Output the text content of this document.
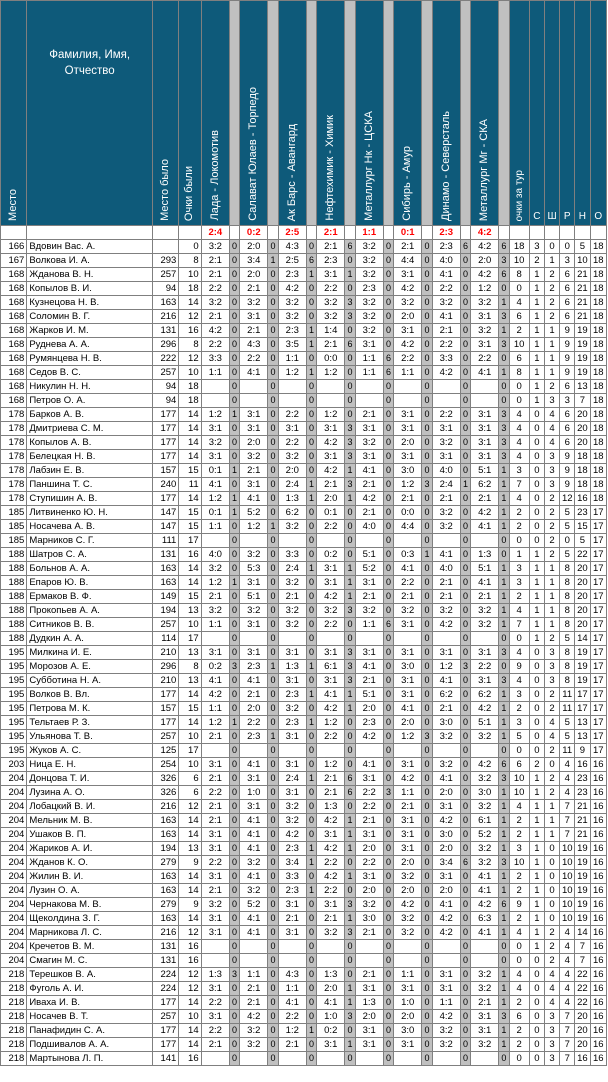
Место	Фамилия, Имя, Отчество	Место было	Очки были	Лада - Локомотив		Салават Юлаев - Торпедо		Ак Барс - Авангард		Нефтехимик - Химик		Металлург Нк - ЦСКА		Сибирь - Амур		Динамо - Северсталь		Металлург Мг - СКА		очки за тур	С	Ш	Р	Н	О
				2:4		0:2		2:5		2:1		1:1		0:1		2:3		4:2							
166	Вдовин Вас. А.		0	3:2	0	2:0	0	4:3	0	2:1	6	3:2	0	2:1	0	2:3	6	4:2	6	18	3	0	0	5	18
167	Волкова И. А.	293	8	2:1	0	3:4	1	2:5	6	2:3	0	3:2	0	4:4	0	4:0	0	2:0	3	10	2	1	3	10	18
168	Жданова В. Н.	257	10	2:1	0	2:0	0	2:3	1	3:1	1	3:2	0	3:1	0	4:1	0	4:2	6	8	1	2	6	21	18
168	Копылов В. И.	94	18	2:2	0	2:1	0	4:2	0	2:2	0	2:3	0	4:2	0	2:2	0	1:2	0	0	1	2	6	21	18
168	Кузнецова Н. В.	163	14	3:2	0	3:2	0	3:2	0	3:2	3	3:2	0	3:2	0	3:2	0	3:2	1	4	1	2	6	21	18
168	Соломин В. Г.	216	12	2:1	0	3:1	0	3:2	0	3:2	3	3:2	0	2:0	0	4:1	0	3:1	3	6	1	2	6	21	18
168	Жарков И. М.	131	16	4:2	0	2:1	0	2:3	1	1:4	0	3:2	0	3:1	0	2:1	0	3:2	1	2	1	1	9	19	18
168	Руднева А. А.	296	8	2:2	0	4:3	0	3:5	1	2:1	6	3:1	0	4:2	0	2:2	0	3:1	3	10	1	1	9	19	18
168	Румянцева Н. В.	222	12	3:3	0	2:2	0	1:1	0	0:0	0	1:1	6	2:2	0	3:3	0	2:2	0	6	1	1	9	19	18
168	Седов В. С.	257	10	1:1	0	4:1	0	1:2	1	1:2	0	1:1	6	1:1	0	4:2	0	4:1	1	8	1	1	9	19	18
168	Никулин Н. Н.	94	18		0		0		0		0		0		0		0		0	0	1	2	6	13	18
168	Петров О. А.	94	18		0		0		0		0		0		0		0		0	0	1	3	3	7	18
178	Барков А. В.	177	14	1:2	1	3:1	0	2:2	0	1:2	0	2:1	0	3:1	0	2:2	0	3:1	3	4	0	4	6	20	18
178	Дмитриева С. М.	177	14	3:1	0	3:1	0	3:1	0	3:1	3	3:1	0	3:1	0	3:1	0	3:1	3	4	0	4	6	20	18
178	Копылов А. В.	177	14	3:2	0	2:0	0	2:2	0	4:2	3	3:2	0	2:0	0	3:2	0	3:1	3	4	0	4	6	20	18
178	Белецкая Н. В.	177	14	3:1	0	3:2	0	3:2	0	3:1	3	3:1	0	3:1	0	3:1	0	3:1	3	4	0	3	9	18	18
178	Лабзин Е. В.	157	15	0:1	1	2:1	0	2:0	0	4:2	1	4:1	0	3:0	0	4:0	0	5:1	1	3	0	3	9	18	18
178	Паншина Т. С.	240	11	4:1	0	3:1	0	2:4	1	2:1	3	2:1	0	1:2	3	2:4	1	6:2	1	7	0	3	9	18	18
178	Ступишин А. В.	177	14	1:2	1	4:1	0	1:3	1	2:0	1	4:2	0	2:1	0	2:1	0	2:1	1	4	0	2	12	16	18
185	Литвиненко Ю. Н.	147	15	0:1	1	5:2	0	6:2	0	0:1	0	2:1	0	0:0	0	3:2	0	4:2	1	2	0	2	5	23	17
185	Носачева А. В.	147	15	1:1	0	1:2	1	3:2	0	2:2	0	4:0	0	4:4	0	3:2	0	4:1	1	2	0	2	5	15	17
185	Марников С. Г.	111	17		0		0		0		0		0		0		0		0	0	0	2	0	5	17
188	Шатров С. А.	131	16	4:0	0	3:2	0	3:3	0	0:2	0	5:1	0	0:3	1	4:1	0	1:3	0	1	1	2	5	22	17
188	Больнов А. А.	163	14	3:2	0	5:3	0	2:4	1	3:1	1	5:2	0	4:1	0	4:0	0	5:1	1	3	1	1	8	20	17
188	Епаров Ю. В.	163	14	1:2	1	3:1	0	3:2	0	3:1	1	3:1	0	2:2	0	2:1	0	4:1	1	3	1	1	8	20	17
188	Ермаков В. Ф.	149	15	2:1	0	5:1	0	2:1	0	4:2	1	2:1	0	2:1	0	2:1	0	2:1	1	2	1	1	8	20	17
188	Прокопьев А. А.	194	13	3:2	0	3:2	0	3:2	0	3:2	3	3:2	0	3:2	0	3:2	0	3:2	1	4	1	1	8	20	17
188	Ситников В. В.	257	10	1:1	0	3:1	0	3:2	0	2:2	0	1:1	6	3:1	0	4:2	0	3:2	1	7	1	1	8	20	17
188	Дудкин А. А.	114	17		0		0		0		0		0		0		0		0	0	1	2	5	14	17
195	Милкина И. Е.	210	13	3:1	0	3:1	0	3:1	0	3:1	3	3:1	0	3:1	0	3:1	0	3:1	3	4	0	3	8	19	17
195	Морозов А. Е.	296	8	0:2	3	2:3	1	1:3	1	6:1	3	4:1	0	3:0	0	1:2	3	2:2	0	9	0	3	8	19	17
195	Субботина Н. А.	210	13	4:1	0	4:1	0	3:1	0	3:1	3	2:1	0	3:1	0	4:1	0	3:1	3	4	0	3	8	19	17
195	Волков В. Вл.	177	14	4:2	0	2:1	0	2:3	1	4:1	1	5:1	0	3:1	0	6:2	0	6:2	1	3	0	2	11	17	17
195	Петрова М. К.	157	15	1:1	0	2:0	0	3:2	0	4:2	1	2:0	0	4:1	0	2:1	0	4:2	1	2	0	2	11	17	17
195	Тельтаев Р. З.	177	14	1:2	1	2:2	0	2:3	1	1:2	0	2:3	0	2:0	0	3:0	0	5:1	1	3	0	4	5	13	17
195	Ульянова Т. В.	257	10	2:1	0	2:3	1	3:1	0	2:2	0	4:2	0	1:2	3	3:2	0	3:2	1	5	0	4	5	13	17
195	Жуков А. С.	125	17		0		0		0		0		0		0		0		0	0	0	2	11	9	17
203	Ница Е. Н.	254	10	3:1	0	4:1	0	3:1	0	1:2	0	4:1	0	3:1	0	3:2	0	4:2	6	6	2	0	4	16	16
204	Донцова Т. И.	326	6	2:1	0	3:1	0	2:4	1	2:1	6	3:1	0	4:2	0	4:1	0	3:2	3	10	1	2	4	23	16
204	Лузина А. О.	326	6	2:2	0	1:0	0	3:1	0	2:1	6	2:2	3	1:1	0	2:0	0	3:0	1	10	1	2	4	23	16
204	Лобацкий В. И.	216	12	2:1	0	3:1	0	3:2	0	1:3	0	2:2	0	2:1	0	3:1	0	3:2	1	4	1	1	7	21	16
204	Мельник М. В.	163	14	2:1	0	4:1	0	3:2	0	4:2	1	2:1	0	3:1	0	4:2	0	6:1	1	2	1	1	7	21	16
204	Ушаков В. П.	163	14	3:1	0	4:1	0	4:2	0	3:1	1	3:1	0	3:1	0	3:0	0	5:2	1	2	1	1	7	21	16
204	Жариков А. И.	194	13	3:1	0	4:1	0	2:3	1	4:2	1	2:0	0	3:1	0	2:0	0	3:2	1	3	1	0	10	19	16
204	Жданов К. О.	279	9	2:2	0	3:2	0	3:4	1	2:2	0	2:2	0	2:0	0	3:4	6	3:2	3	10	1	0	10	19	16
204	Жилин В. И.	163	14	3:1	0	4:1	0	3:3	0	4:2	1	3:1	0	3:2	0	3:1	0	4:1	1	2	1	0	10	19	16
204	Лузин О. А.	163	14	2:1	0	3:2	0	2:3	1	2:2	0	2:0	0	2:0	0	2:0	0	4:1	1	2	1	0	10	19	16
204	Чернакова М. В.	279	9	3:2	0	5:2	0	3:1	0	3:1	3	3:2	0	4:2	0	4:1	0	4:2	6	9	1	0	10	19	16
204	Щеколдина З. Г.	163	14	3:1	0	4:1	0	2:1	0	2:1	1	3:0	0	3:2	0	4:2	0	6:3	1	2	1	0	10	19	16
204	Марникова Л. С.	216	12	3:1	0	4:1	0	3:1	0	3:2	3	2:1	0	3:2	0	4:2	0	4:1	1	4	1	2	4	14	16
204	Кречетов В. М.	131	16		0		0		0		0		0		0		0		0	0	1	2	4	7	16
204	Смагин М. С.	131	16		0		0		0		0		0		0		0		0	0	0	2	4	7	16
218	Терешков В. А.	224	12	1:3	3	1:1	0	4:3	0	1:3	0	2:1	0	1:1	0	3:1	0	3:2	1	4	0	4	4	22	16
218	Фуголь А. И.	224	12	3:1	0	2:1	0	1:1	0	2:0	1	3:1	0	3:1	0	3:1	0	3:2	1	4	0	4	4	22	16
218	Иваха И. В.	177	14	2:2	0	2:1	0	4:1	0	4:1	1	1:3	0	1:0	0	1:1	0	2:1	1	2	0	4	4	22	16
218	Носачев В. Т.	257	10	3:1	0	4:2	0	2:2	0	1:0	3	2:0	0	2:0	0	4:2	0	3:1	3	6	0	3	7	20	16
218	Панафидин С. А.	177	14	2:2	0	3:2	0	1:2	1	0:2	0	3:1	0	3:0	0	3:2	0	3:1	1	2	0	3	7	20	16
218	Подшивалов А. А.	177	14	2:1	0	3:2	0	2:1	0	3:1	1	3:1	0	3:1	0	3:2	0	3:2	1	2	0	3	7	20	16
218	Мартынова Л. П.	141	16		0		0		0		0		0		0		0		0	0	0	3	7	16	16
